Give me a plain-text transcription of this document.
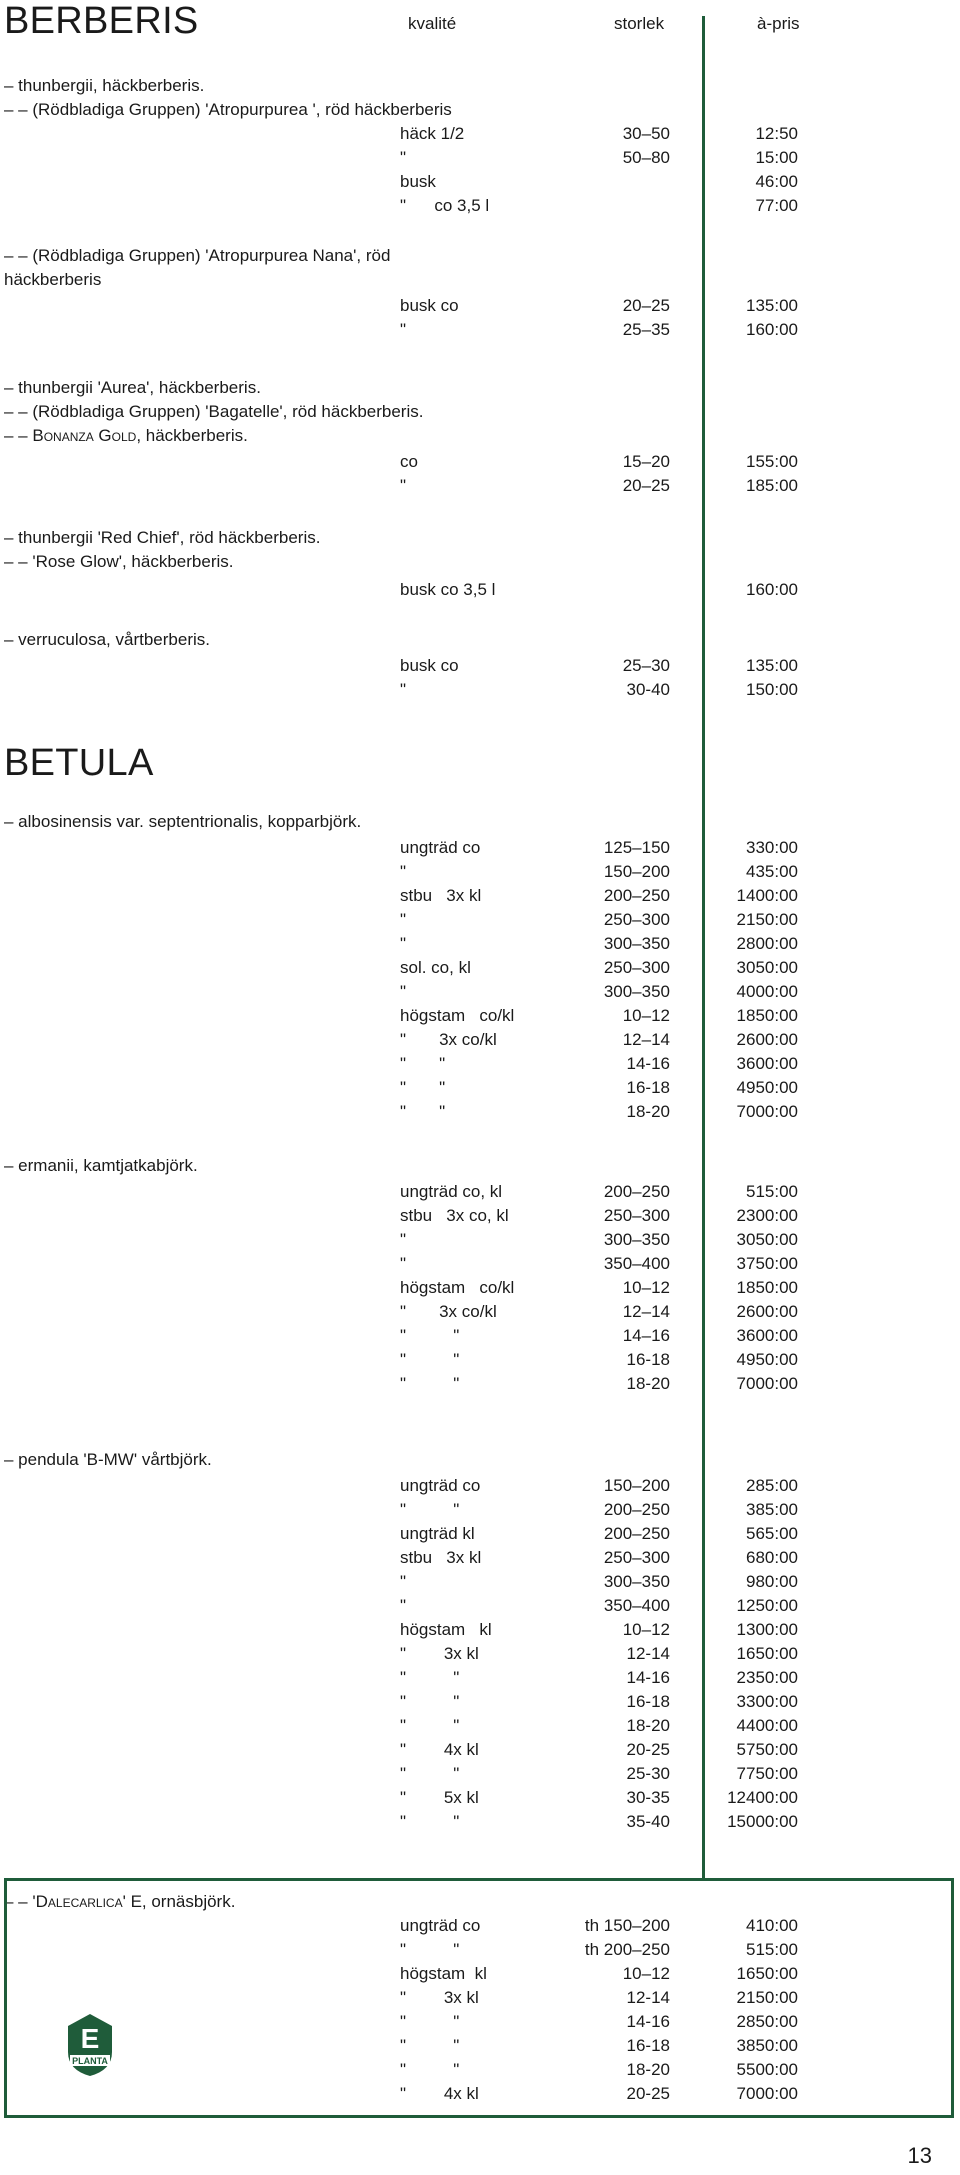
BERBERIS
– thunbergii, häckberberis.
– – (Rödbladiga Gruppen) 'Atropurpurea ', röd häckberberis
häck 1/2	30–50	12:50
"	50–80	15:00
busk	46:00
"      co 3,5 l	77:00
– – (Rödbladiga Gruppen) 'Atropurpurea Nana', röd
häckberberis
busk co	20–25	135:00
"	25–35	160:00
– thunbergii 'Aurea', häckberberis.
– – (Rödbladiga Gruppen) 'Bagatelle', röd häckberberis.
– – Bonanza Gold, häckberberis.
co	15–20	155:00
"	20–25	185:00
– thunbergii 'Red Chief', röd häckberberis.
– – 'Rose Glow', häckberberis.
busk co 3,5 l	160:00
– verruculosa, vårtberberis.
busk co	25–30	135:00
"	30-40	150:00
BETULA
– albosinensis var. septentrionalis, kopparbjörk.
ungträd co	125–150	330:00
"	150–200	435:00
stbu   3x kl	200–250	1400:00
"	250–300	2150:00
"	300–350	2800:00
sol. co, kl	250–300	3050:00
"	300–350	4000:00
högstam   co/kl	10–12	1850:00
"       3x co/kl	12–14	2600:00
"       "	14-16	3600:00
"       "	16-18	4950:00
"       "	18-20	7000:00
– ermanii, kamtjatkabjörk.
ungträd co, kl	200–250	515:00
stbu   3x co, kl	250–300	2300:00
"	300–350	3050:00
"	350–400	3750:00
högstam   co/kl	10–12	1850:00
"       3x co/kl	12–14	2600:00
"          "	14–16	3600:00
"          "	16-18	4950:00
"          "	18-20	7000:00
– pendula 'B-MW' vårtbjörk.
ungträd co	150–200	285:00
"          "	200–250	385:00
ungträd kl	200–250	565:00
stbu   3x kl	250–300	680:00
"	300–350	980:00
"	350–400	1250:00
högstam   kl	10–12	1300:00
"        3x kl	12-14	1650:00
"          "	14-16	2350:00
"          "	16-18	3300:00
"          "	18-20	4400:00
"        4x kl	20-25	5750:00
"          "	25-30	7750:00
"        5x kl	30-35	12400:00
"          "	35-40	15000:00
– – 'Dalecarlica' E, ornäsbjörk.
ungträd co	th 150–200	410:00
"          "	th 200–250	515:00
högstam  kl	10–12	1650:00
"        3x kl	12-14	2150:00
"          "	14-16	2850:00
"          "	16-18	3850:00
"          "	18-20	5500:00
"        4x kl	20-25	7000:00
kvalité	storlek	à-pris
E
PLANTA
13
